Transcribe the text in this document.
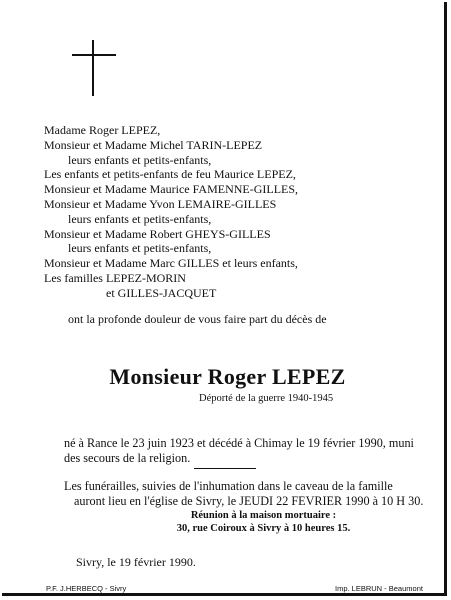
Madame Roger LEPEZ,
Monsieur et Madame Michel TARIN-LEPEZ
leurs enfants et petits-enfants,
Les enfants et petits-enfants de feu Maurice LEPEZ,
Monsieur et Madame Maurice FAMENNE-GILLES,
Monsieur et Madame Yvon LEMAIRE-GILLES
leurs enfants et petits-enfants,
Monsieur et Madame Robert GHEYS-GILLES
leurs enfants et petits-enfants,
Monsieur et Madame Marc GILLES et leurs enfants,
Les familles LEPEZ-MORIN
et GILLES-JACQUET
ont la profonde douleur de vous faire part du décès de
Monsieur Roger LEPEZ
Déporté de la guerre 1940-1945
né à Rance le 23 juin 1923 et décédé à Chimay le 19 février 1990, muni
des secours de la religion.
Les funérailles, suivies de l'inhumation dans le caveau de la famille
auront lieu en l'église de Sivry, le JEUDI 22 FEVRIER 1990 à 10 H 30.
Réunion à la maison mortuaire :
30, rue Coiroux à Sivry à 10 heures 15.
Sivry, le 19 février 1990.
P.F. J.HERBECQ - Sivry	Imp. LEBRUN - Beaumont
